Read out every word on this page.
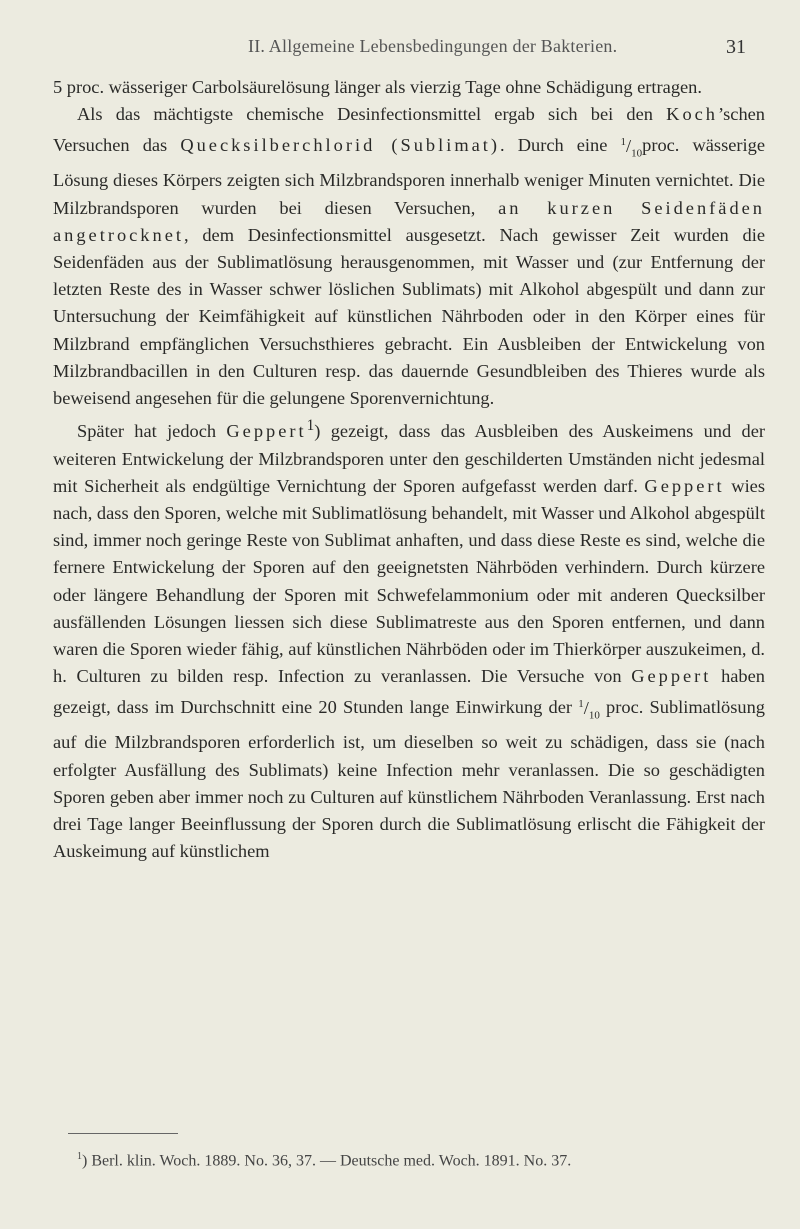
II. Allgemeine Lebensbedingungen der Bakterien.	31

5 proc. wässeriger Carbolsäurelösung länger als vierzig Tage ohne Schädigung ertragen.

Als das mächtigste chemische Desinfectionsmittel ergab sich bei den Koch’schen Versuchen das Quecksilberchlorid (Sublimat). Durch eine $^1/_{10}proc$. wässerige Lösung dieses Körpers zeigten sich Milzbrandsporen innerhalb weniger Minuten vernichtet. Die Milzbrandsporen wurden bei diesen Versuchen, an kurzen Seidenfäden angetrocknet, dem Desinfectionsmittel ausgesetzt. Nach gewisser Zeit wurden die Seidenfäden aus der Sublimatlösung herausgenommen, mit Wasser und (zur Entfernung der letzten Reste des in Wasser schwer löslichen Sublimats) mit Alkohol abgespült und dann zur Untersuchung der Keimfähigkeit auf künstlichen Nährboden oder in den Körper eines für Milzbrand empfänglichen Versuchsthieres gebracht. Ein Ausbleiben der Entwickelung von Milzbrandbacillen in den Culturen resp. das dauernde Gesundbleiben des Thieres wurde als beweisend angesehen für die gelungene Sporenvernichtung.

Später hat jedoch Geppert$^1$) gezeigt, dass das Ausbleiben des Auskeimens und der weiteren Entwickelung der Milzbrandsporen unter den geschilderten Umständen nicht jedesmal mit Sicherheit als endgültige Vernichtung der Sporen aufgefasst werden darf. Geppert wies nach, dass den Sporen, welche mit Sublimatlösung behandelt, mit Wasser und Alkohol abgespült sind, immer noch geringe Reste von Sublimat anhaften, und dass diese Reste es sind, welche die fernere Entwickelung der Sporen auf den geeignetsten Nährböden verhindern. Durch kürzere oder längere Behandlung der Sporen mit Schwefelammonium oder mit anderen Quecksilber ausfällenden Lösungen liessen sich diese Sublimatreste aus den Sporen entfernen, und dann waren die Sporen wieder fähig, auf künstlichen Nährböden oder im Thierkörper auszukeimen, d. h. Culturen zu bilden resp. Infection zu veranlassen. Die Versuche von Geppert haben gezeigt, dass im Durchschnitt eine 20 Stunden lange Einwirkung der $^1/_{10}$ proc. Sublimatlösung auf die Milzbrandsporen erforderlich ist, um dieselben so weit zu schädigen, dass sie (nach erfolgter Ausfällung des Sublimats) keine Infection mehr veranlassen. Die so geschädigten Sporen geben aber immer noch zu Culturen auf künstlichem Nährboden Veranlassung. Erst nach drei Tage langer Beeinflussung der Sporen durch die Sublimatlösung erlischt die Fähigkeit der Auskeimung auf künstlichem

$^1$) Berl. klin. Woch. 1889. No. 36, 37. — Deutsche med. Woch. 1891. No. 37.
